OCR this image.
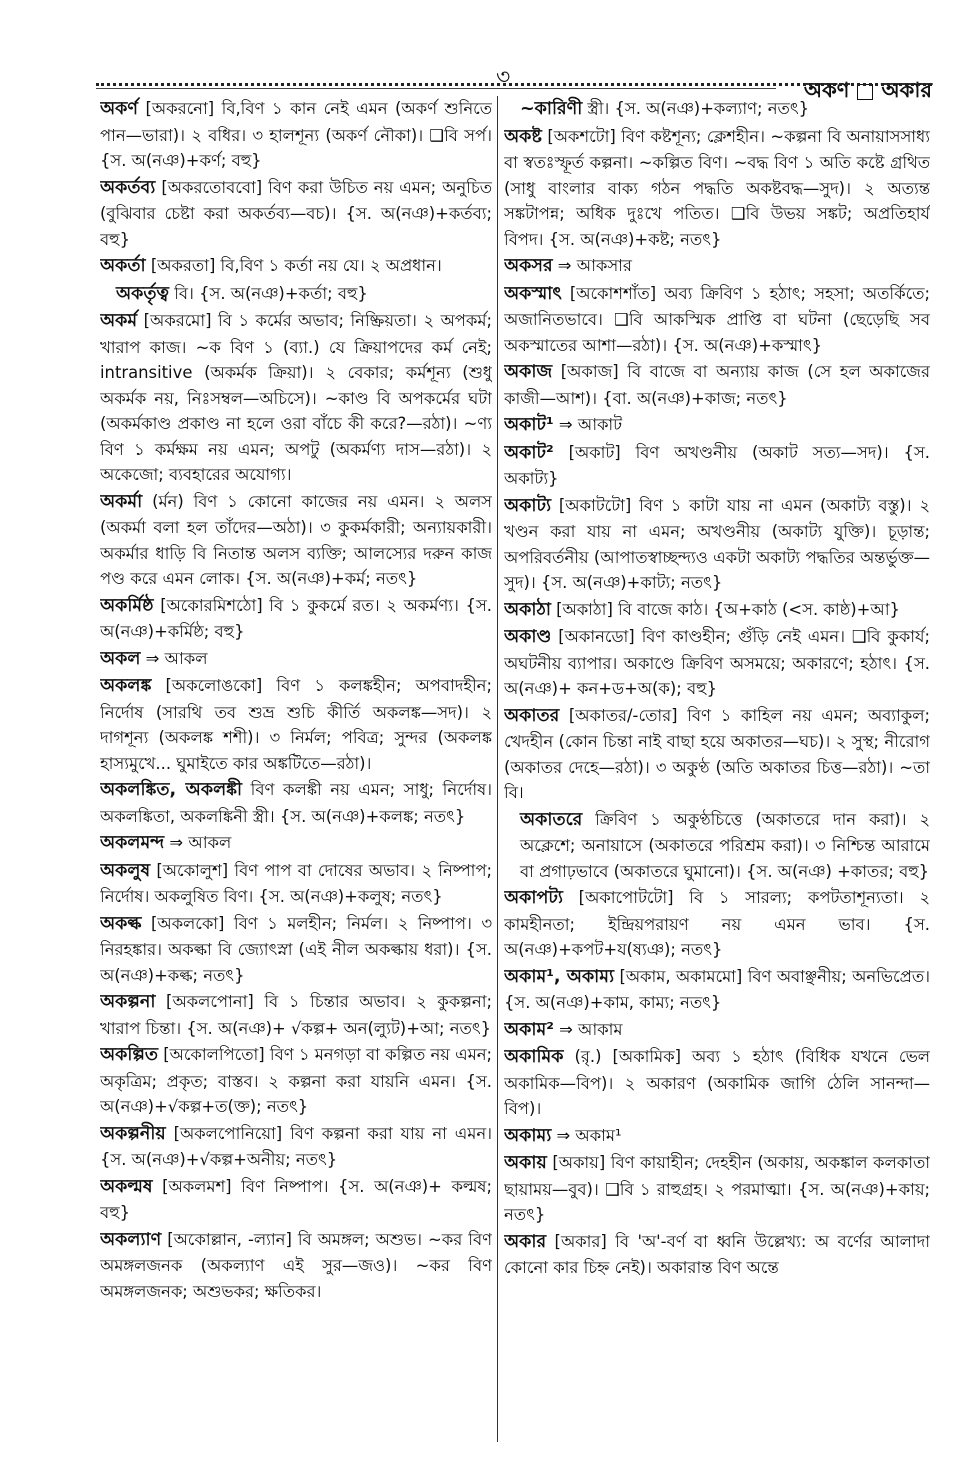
৩	অকণ অকার

অকর্ণ [অকরনো] বি,বিণ ১ কান নেই এমন (অকর্ণ শুনিতে পান—ভারা)। ২ বধির। ৩ হালশূন্য (অকর্ণ নৌকা)। ❑বি সর্প। {স. অ(নঞ)+কর্ণ; বহু}

অকর্তব্য [অকরতোববো] বিণ করা উচিত নয় এমন; অনুচিত (বুঝিবার চেষ্টা করা অকর্তব্য—বচ)। {স. অ(নঞ)+কর্তব্য; বহু}

অকর্তা [অকরতা] বি,বিণ ১ কর্তা নয় যে। ২ অপ্রধান।

অকর্তৃত্ব বি। {স. অ(নঞ)+কর্তা; বহু}

অকর্ম [অকরমো] বি ১ কর্মের অভাব; নিষ্ক্রিয়তা। ২ অপকর্ম; খারাপ কাজ। ~ক বিণ ১ (ব্যা.) যে ক্রিয়াপদের কর্ম নেই; intransitive (অকর্মক ক্রিয়া)। ২ বেকার; কর্মশূন্য (শুধু অকর্মক নয়, নিঃসম্বল—অচিসে)। ~কাণ্ড বি অপকর্মের ঘটা (অকর্মকাণ্ড প্রকাণ্ড না হলে ওরা বাঁচে কী করে?—রঠা)। ~ণ্য বিণ ১ কর্মক্ষম নয় এমন; অপটু (অকর্মণ্য দাস—রঠা)। ২ অকেজো; ব্যবহারের অযোগ্য।

অকর্মা (ৰ্মন) বিণ ১ কোনো কাজের নয় এমন। ২ অলস (অকর্মা বলা হল তাঁদের—অঠা)। ৩ কুকর্মকারী; অন্যায়কারী। অকর্মার ধাড়ি বি নিতান্ত অলস ব্যক্তি; আলস্যের দরুন কাজ পণ্ড করে এমন লোক। {স. অ(নঞ)+কর্ম; নতৎ}

অকর্মিষ্ঠ [অকোরমিশঠো] বি ১ কুকর্মে রত। ২ অকর্মণ্য। {স. অ(নঞ)+কর্মিষ্ঠ; বহু}

অকল ⇒ আকল

অকলঙ্ক [অকলোঙকো] বিণ ১ কলঙ্কহীন; অপবাদহীন; নির্দোষ (সারথি তব শুভ্র শুচি কীর্তি অকলঙ্ক—সদ)। ২ দাগশূন্য (অকলঙ্ক শশী)। ৩ নির্মল; পবিত্র; সুন্দর (অকলঙ্ক হাস্যমুখে... ঘুমাইতে কার অঙ্কটিতে—রঠা)।

অকলঙ্কিত, অকলঙ্কী বিণ কলঙ্কী নয় এমন; সাধু; নির্দোষ। অকলঙ্কিতা, অকলঙ্কিনী স্ত্রী। {স. অ(নঞ)+কলঙ্ক; নতৎ}

অকলমন্দ ⇒ আকল

অকলুষ [অকোলুশ] বিণ পাপ বা দোষের অভাব। ২ নিষ্পাপ; নির্দোষ। অকলুষিত বিণ। {স. অ(নঞ)+কলুষ; নতৎ}

অকল্ক [অকলকো] বিণ ১ মলহীন; নির্মল। ২ নিষ্পাপ। ৩ নিরহঙ্কার। অকল্কা বি জ্যোৎস্না (এই নীল অকল্কায় ধরা)। {স. অ(নঞ)+কল্ক; নতৎ}

অকল্পনা [অকলপোনা] বি ১ চিন্তার অভাব। ২ কুকল্পনা; খারাপ চিন্তা। {স. অ(নঞ)+ √কল্প+ অন(ল্যুট)+আ; নতৎ}

অকল্পিত [অকোলপিতো] বিণ ১ মনগড়া বা কল্পিত নয় এমন; অকৃত্রিম; প্রকৃত; বাস্তব। ২ কল্পনা করা যায়নি এমন। {স. অ(নঞ)+√কল্প+ত(ক্ত); নতৎ}

অকল্পনীয় [অকলপোনিয়ো] বিণ কল্পনা করা যায় না এমন। {স. অ(নঞ)+√কল্প+অনীয়; নতৎ}

অকল্মষ [অকলমশ] বিণ নিষ্পাপ। {স. অ(নঞ)+ কল্মষ; বহু}

অকল্যাণ [অকোল্লান, -ল্যান] বি অমঙ্গল; অশুভ। ~কর বিণ অমঙ্গলজনক (অকল্যাণ এই সুর—জও)। ~কর বিণ অমঙ্গলজনক; অশুভকর; ক্ষতিকর।

~কারিণী স্ত্রী। {স. অ(নঞ)+কল্যাণ; নতৎ}

অকষ্ট [অকশটো] বিণ কষ্টশূন্য; ক্লেশহীন। ~কল্পনা বি অনায়াসসাধ্য বা স্বতঃস্ফূর্ত কল্পনা। ~কল্পিত বিণ। ~বদ্ধ বিণ ১ অতি কষ্টে গ্রথিত (সাধু বাংলার বাক্য গঠন পদ্ধতি অকষ্টবদ্ধ—সুদ)। ২ অত্যন্ত সঙ্কটাপন্ন; অধিক দুঃখে পতিত। ❑বি উভয় সঙ্কট; অপ্রতিহার্য বিপদ। {স. অ(নঞ)+কষ্ট; নতৎ}

অকসর ⇒ আকসার

অকস্মাৎ [অকোশশাঁত] অব্য ক্রিবিণ ১ হঠাৎ; সহসা; অতর্কিতে; অজানিতভাবে। ❑বি আকস্মিক প্রাপ্তি বা ঘটনা (ছেড়েছি সব অকস্মাতের আশা—রঠা)। {স. অ(নঞ)+কস্মাৎ}

অকাজ [অকাজ] বি বাজে বা অন্যায় কাজ (সে হল অকাজের কাজী—আশ)। {বা. অ(নঞ)+কাজ; নতৎ}

অকাট¹ ⇒ আকাট

অকাট² [অকাট] বিণ অখণ্ডনীয় (অকাট সত্য—সদ)। {স. অকাট্য}

অকাট্য [অকাটটো] বিণ ১ কাটা যায় না এমন (অকাট্য বস্তু)। ২ খণ্ডন করা যায় না এমন; অখণ্ডনীয় (অকাট্য যুক্তি)। চূড়ান্ত; অপরিবর্তনীয় (আপাতস্বাচ্ছন্দ্যও একটা অকাট্য পদ্ধতির অন্তর্ভুক্ত—সুদ)। {স. অ(নঞ)+কাট্য; নতৎ}

অকাঠা [অকাঠা] বি বাজে কাঠ। {অ+কাঠ (<স. কাষ্ঠ)+আ}

অকাণ্ড [অকানডো] বিণ কাণ্ডহীন; গুঁড়ি নেই এমন। ❑বি কুকার্য; অঘটনীয় ব্যাপার। অকাণ্ডে ক্রিবিণ অসময়ে; অকারণে; হঠাৎ। {স. অ(নঞ)+ কন+ড+অ(ক); বহু}

অকাতর [অকাতর/-তোর] বিণ ১ কাহিল নয় এমন; অব্যাকুল; খেদহীন (কোন চিন্তা নাই বাছা হয়ে অকাতর—ঘচ)। ২ সুস্থ; নীরোগ (অকাতর দেহে—রঠা)। ৩ অকুণ্ঠ (অতি অকাতর চিত্ত—রঠা)। ~তা বি।

অকাতরে ক্রিবিণ ১ অকুণ্ঠচিত্তে (অকাতরে দান করা)। ২ অক্লেশে; অনায়াসে (অকাতরে পরিশ্রম করা)। ৩ নিশ্চিন্ত আরামে বা প্রগাঢ়ভাবে (অকাতরে ঘুমানো)। {স. অ(নঞ) +কাতর; বহু}

অকাপট্য [অকাপোটটো] বি ১ সারল্য; কপটতাশূন্যতা। ২ কামহীনতা; ইন্দ্রিয়পরায়ণ নয় এমন ভাব। {স. অ(নঞ)+কপট+য(ষ্যঞ); নতৎ}

অকাম¹, অকাম্য [অকাম, অকামমো] বিণ অবাঞ্ছনীয়; অনভিপ্রেত। {স. অ(নঞ)+কাম, কাম্য; নতৎ}

অকাম² ⇒ আকাম

অকামিক (রৃ.) [অকামিক] অব্য ১ হঠাৎ (বিধিক যখনে ভেল অকামিক—বিপ)। ২ অকারণ (অকামিক জাগি ঠেলি সানন্দা—বিপ)।

অকাম্য ⇒ অকাম¹

অকায় [অকায়] বিণ কায়াহীন; দেহহীন (অকায়, অকঙ্কাল কলকাতা ছায়াময়—বুব)। ❑বি ১ রাহুগ্রহ। ২ পরমাত্মা। {স. অ(নঞ)+কায়; নতৎ}

অকার [অকার] বি 'অ'-বর্ণ বা ধ্বনি উল্লেখ্য: অ বর্ণের আলাদা কোনো কার চিহ্ন নেই)। অকারান্ত বিণ অন্তে
